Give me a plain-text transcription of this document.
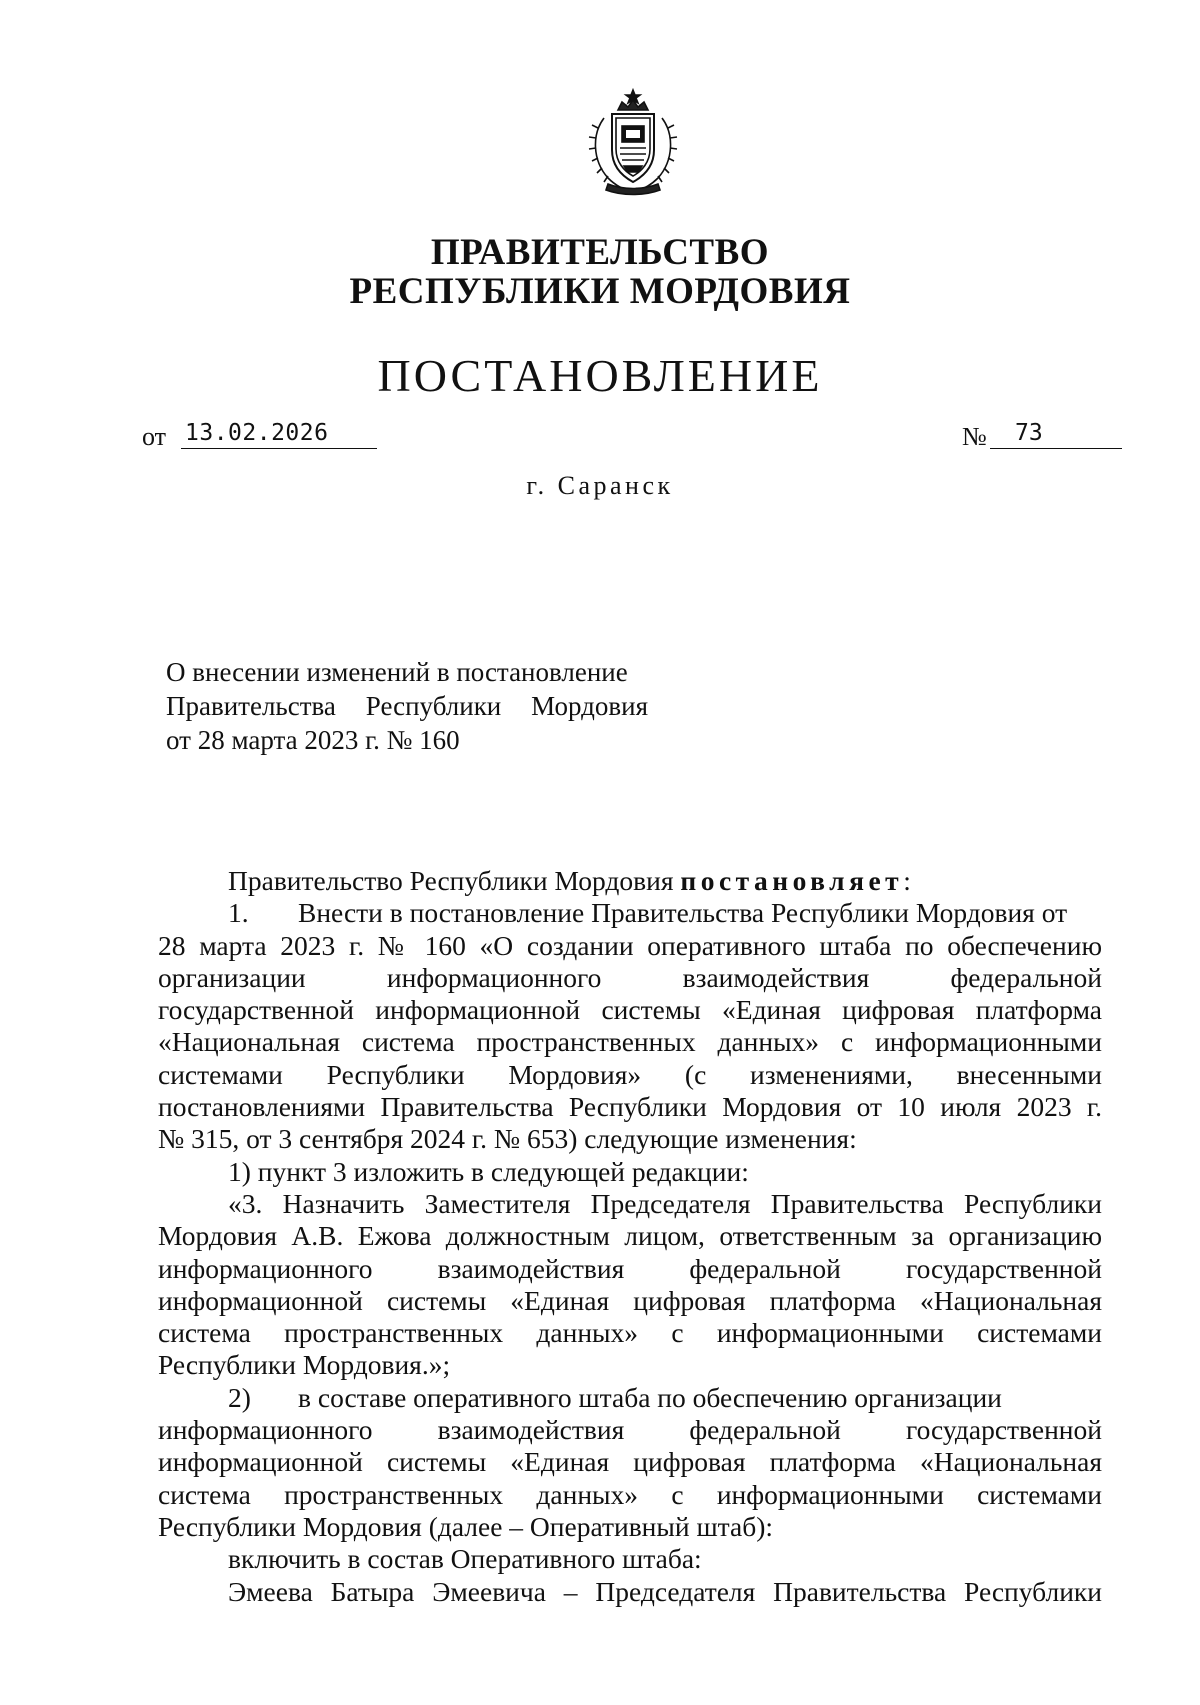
ПРАВИТЕЛЬСТВО
РЕСПУБЛИКИ МОРДОВИЯ
ПОСТАНОВЛЕНИЕ
от 13.02.2026	№	73
г. Саранск
О внесении изменений в постановление
Правительства Республики Мордовия
от 28 марта 2023 г. № 160
Правительство Республики Мордовия постановляет:
1. Внести в постановление Правительства Республики Мордовия от
28 марта 2023 г. № 160 «О создании оперативного штаба по обеспечению
организации информационного взаимодействия федеральной
государственной информационной системы «Единая цифровая платформа
«Национальная система пространственных данных» с информационными
системами Республики Мордовия» (с изменениями, внесенными
постановлениями Правительства Республики Мордовия от 10 июля 2023 г.
№ 315, от 3 сентября 2024 г. № 653) следующие изменения:
1) пункт 3 изложить в следующей редакции:
«3. Назначить Заместителя Председателя Правительства Республики
Мордовия А.В. Ежова должностным лицом, ответственным за организацию
информационного взаимодействия федеральной государственной
информационной системы «Единая цифровая платформа «Национальная
система пространственных данных» с информационными системами
Республики Мордовия.»;
2) в составе оперативного штаба по обеспечению организации
информационного взаимодействия федеральной государственной
информационной системы «Единая цифровая платформа «Национальная
система пространственных данных» с информационными системами
Республики Мордовия (далее – Оперативный штаб):
включить в состав Оперативного штаба:
Эмеева Батыра Эмеевича – Председателя Правительства Республики
